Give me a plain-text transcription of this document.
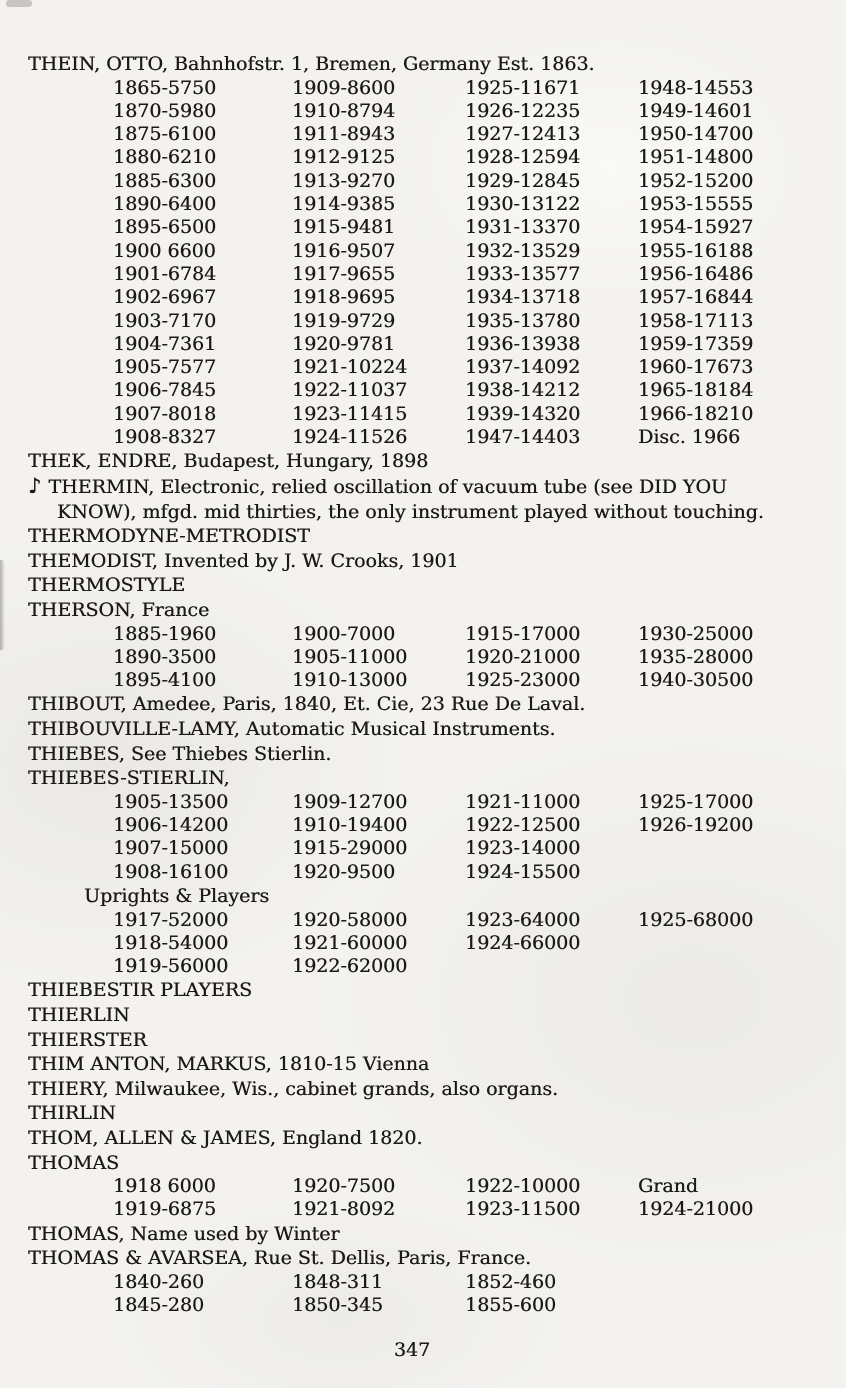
THEIN, OTTO, Bahnhofstr. 1, Bremen, Germany Est. 1863.
1865-5750	1909-8600	1925-11671	1948-14553
1870-5980	1910-8794	1926-12235	1949-14601
1875-6100	1911-8943	1927-12413	1950-14700
1880-6210	1912-9125	1928-12594	1951-14800
1885-6300	1913-9270	1929-12845	1952-15200
1890-6400	1914-9385	1930-13122	1953-15555
1895-6500	1915-9481	1931-13370	1954-15927
1900 6600	1916-9507	1932-13529	1955-16188
1901-6784	1917-9655	1933-13577	1956-16486
1902-6967	1918-9695	1934-13718	1957-16844
1903-7170	1919-9729	1935-13780	1958-17113
1904-7361	1920-9781	1936-13938	1959-17359
1905-7577	1921-10224	1937-14092	1960-17673
1906-7845	1922-11037	1938-14212	1965-18184
1907-8018	1923-11415	1939-14320	1966-18210
1908-8327	1924-11526	1947-14403	Disc. 1966
THEK, ENDRE, Budapest, Hungary, 1898
♪ THERMIN, Electronic, relied oscillation of vacuum tube (see DID YOU
KNOW), mfgd. mid thirties, the only instrument played without touching.
THERMODYNE-METRODIST
THEMODIST, Invented by J. W. Crooks, 1901
THERMOSTYLE
THERSON, France
1885-1960	1900-7000	1915-17000	1930-25000
1890-3500	1905-11000	1920-21000	1935-28000
1895-4100	1910-13000	1925-23000	1940-30500
THIBOUT, Amedee, Paris, 1840, Et. Cie, 23 Rue De Laval.
THIBOUVILLE-LAMY, Automatic Musical Instruments.
THIEBES, See Thiebes Stierlin.
THIEBES-STIERLIN,
1905-13500	1909-12700	1921-11000	1925-17000
1906-14200	1910-19400	1922-12500	1926-19200
1907-15000	1915-29000	1923-14000
1908-16100	1920-9500	1924-15500
Uprights & Players
1917-52000	1920-58000	1923-64000	1925-68000
1918-54000	1921-60000	1924-66000
1919-56000	1922-62000
THIEBESTIR PLAYERS
THIERLIN
THIERSTER
THIM ANTON, MARKUS, 1810-15 Vienna
THIERY, Milwaukee, Wis., cabinet grands, also organs.
THIRLIN
THOM, ALLEN & JAMES, England 1820.
THOMAS
1918 6000	1920-7500	1922-10000	Grand
1919-6875	1921-8092	1923-11500	1924-21000
THOMAS, Name used by Winter
THOMAS & AVARSEA, Rue St. Dellis, Paris, France.
1840-260	1848-311	1852-460
1845-280	1850-345	1855-600
347
